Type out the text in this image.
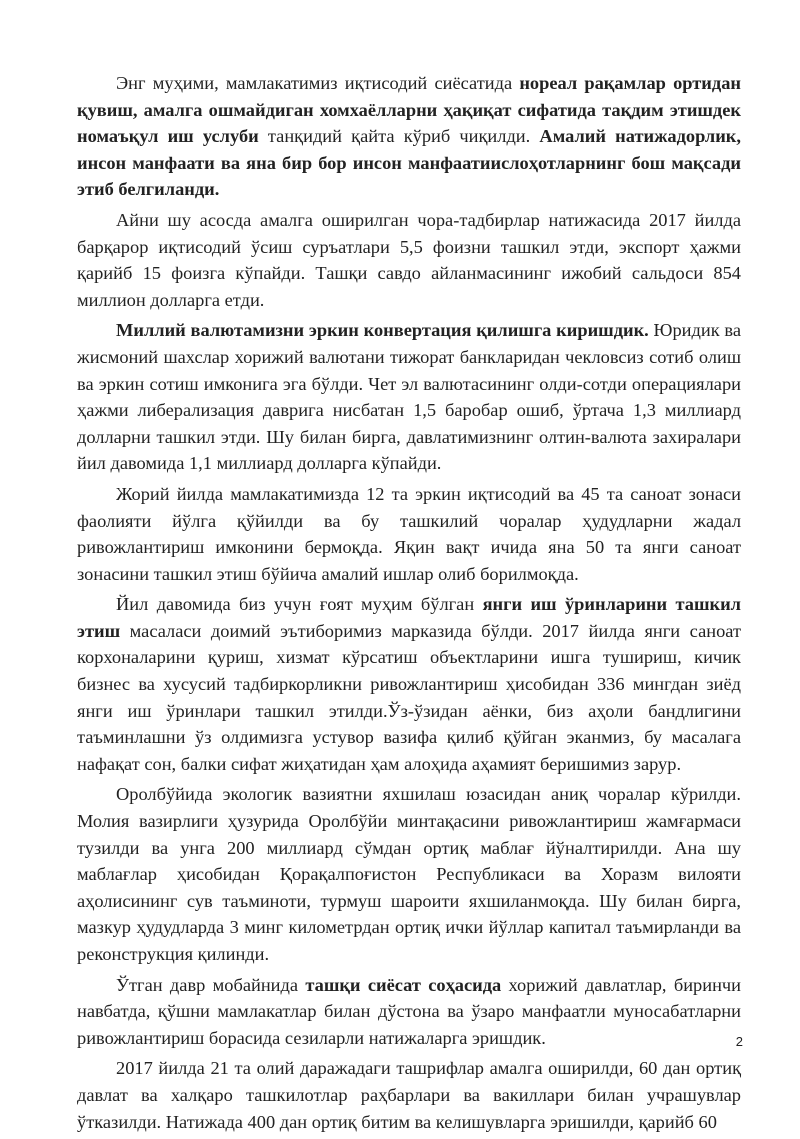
Энг муҳими, мамлакатимиз иқтисодий сиёсатида нореал рақамлар ортидан қувиш, амалга ошмайдиган хомхаёлларни ҳақиқат сифатида тақдим этишдек номаъқул иш услуби танқидий қайта кўриб чиқилди. Амалий натижадорлик, инсон манфаати ва яна бир бор инсон манфаатиислоҳотларнинг бош мақсади этиб белгиланди.

Айни шу асосда амалга оширилган чора-тадбирлар натижасида 2017 йилда барқарор иқтисодий ўсиш суръатлари 5,5 фоизни ташкил этди, экспорт ҳажми қарийб 15 фоизга кўпайди. Ташқи савдо айланмасининг ижобий сальдоси 854 миллион долларга етди.

Миллий валютамизни эркин конвертация қилишга киришдик. Юридик ва жисмоний шахслар хорижий валютани тижорат банкларидан чекловсиз сотиб олиш ва эркин сотиш имконига эга бўлди. Чет эл валютасининг олди-сотди операциялари ҳажми либерализация даврига нисбатан 1,5 баробар ошиб, ўртача 1,3 миллиард долларни ташкил этди. Шу билан бирга, давлатимизнинг олтин-валюта захиралари йил давомида 1,1 миллиард долларга кўпайди.

Жорий йилда мамлакатимизда 12 та эркин иқтисодий ва 45 та саноат зонаси фаолияти йўлга қўйилди ва бу ташкилий чоралар ҳудудларни жадал ривожлантириш имконини бермоқда. Яқин вақт ичида яна 50 та янги саноат зонасини ташкил этиш бўйича амалий ишлар олиб борилмоқда.

Йил давомида биз учун ғоят муҳим бўлган янги иш ўринларини ташкил этиш масаласи доимий эътиборимиз марказида бўлди. 2017 йилда янги саноат корхоналарини қуриш, хизмат кўрсатиш объектларини ишга тушириш, кичик бизнес ва хусусий тадбиркорликни ривожлантириш ҳисобидан 336 мингдан зиёд янги иш ўринлари ташкил этилди.Ўз-ўзидан аёнки, биз аҳоли бандлигини таъминлашни ўз олдимизга устувор вазифа қилиб қўйган эканмиз, бу масалага нафақат сон, балки сифат жиҳатидан ҳам алоҳида аҳамият беришимиз зарур.

Оролбўйида экологик вазиятни яхшилаш юзасидан аниқ чоралар кўрилди. Молия вазирлиги ҳузурида Оролбўйи минтақасини ривожлантириш жамғармаси тузилди ва унга 200 миллиард сўмдан ортиқ маблағ йўналтирилди. Ана шу маблағлар ҳисобидан Қорақалпоғистон Республикаси ва Хоразм вилояти аҳолисининг сув таъминоти, турмуш шароити яхшиланмоқда. Шу билан бирга, мазкур ҳудудларда 3 минг километрдан ортиқ ички йўллар капитал таъмирланди ва реконструкция қилинди.

Ўтган давр мобайнида ташқи сиёсат соҳасида хорижий давлатлар, биринчи навбатда, қўшни мамлакатлар билан дўстона ва ўзаро манфаатли муносабатларни ривожлантириш борасида сезиларли натижаларга эришдик.

2017 йилда 21 та олий даражадаги ташрифлар амалга оширилди, 60 дан ортиқ давлат ва халқаро ташкилотлар раҳбарлари ва вакиллари билан учрашувлар ўтказилди. Натижада 400 дан ортиқ битим ва келишувларга эришилди, қарийб 60

2
